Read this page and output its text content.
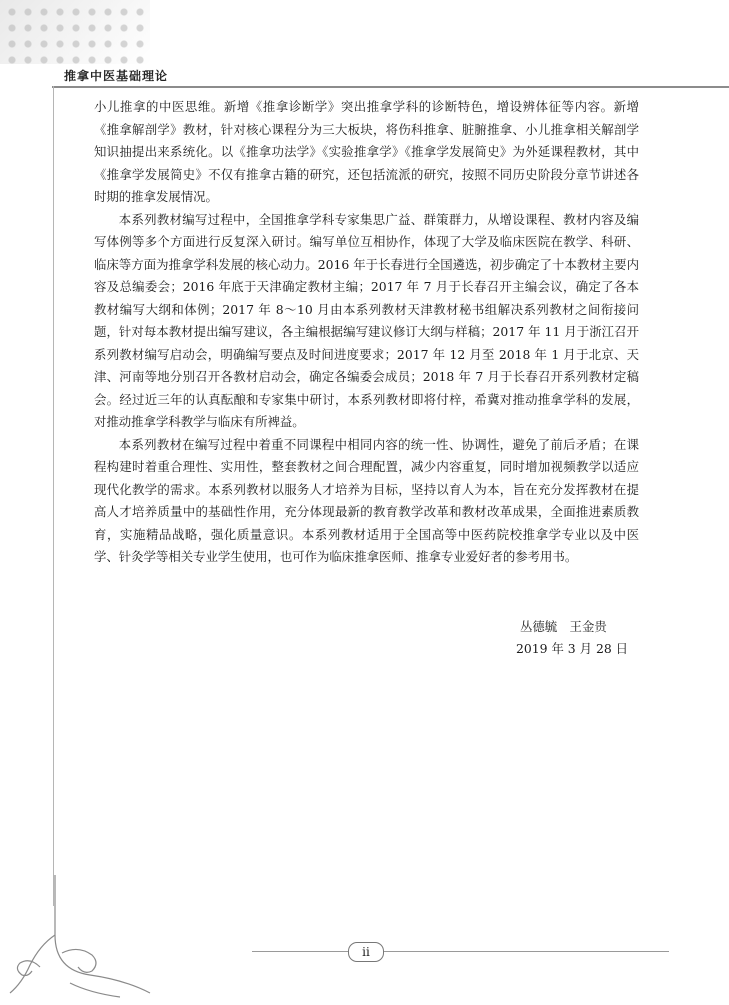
推拿中医基础理论

小儿推拿的中医思维。新增《推拿诊断学》突出推拿学科的诊断特色，增设辨体征等内容。新增《推拿解剖学》教材，针对核心课程分为三大板块，将伤科推拿、脏腑推拿、小儿推拿相关解剖学知识抽提出来系统化。以《推拿功法学》《实验推拿学》《推拿学发展简史》为外延课程教材，其中《推拿学发展简史》不仅有推拿古籍的研究，还包括流派的研究，按照不同历史阶段分章节讲述各时期的推拿发展情况。

本系列教材编写过程中，全国推拿学科专家集思广益、群策群力，从增设课程、教材内容及编写体例等多个方面进行反复深入研讨。编写单位互相协作，体现了大学及临床医院在教学、科研、临床等方面为推拿学科发展的核心动力。2016 年于长春进行全国遴选，初步确定了十本教材主要内容及总编委会；2016 年底于天津确定教材主编；2017 年 7 月于长春召开主编会议，确定了各本教材编写大纲和体例；2017 年 8～10 月由本系列教材天津教材秘书组解决系列教材之间衔接问题，针对每本教材提出编写建议，各主编根据编写建议修订大纲与样稿；2017 年 11 月于浙江召开系列教材编写启动会，明确编写要点及时间进度要求；2017 年 12 月至 2018 年 1 月于北京、天津、河南等地分别召开各教材启动会，确定各编委会成员；2018 年 7 月于长春召开系列教材定稿会。经过近三年的认真酝酿和专家集中研讨，本系列教材即将付梓，希冀对推动推拿学科的发展，对推动推拿学科教学与临床有所裨益。

本系列教材在编写过程中着重不同课程中相同内容的统一性、协调性，避免了前后矛盾；在课程构建时着重合理性、实用性，整套教材之间合理配置，减少内容重复，同时增加视频教学以适应现代化教学的需求。本系列教材以服务人才培养为目标，坚持以育人为本，旨在充分发挥教材在提高人才培养质量中的基础性作用，充分体现最新的教育教学改革和教材改革成果，全面推进素质教育，实施精品战略，强化质量意识。本系列教材适用于全国高等中医药院校推拿学专业以及中医学、针灸学等相关专业学生使用，也可作为临床推拿医师、推拿专业爱好者的参考用书。

丛德毓　王金贵
2019 年 3 月 28 日
ii
